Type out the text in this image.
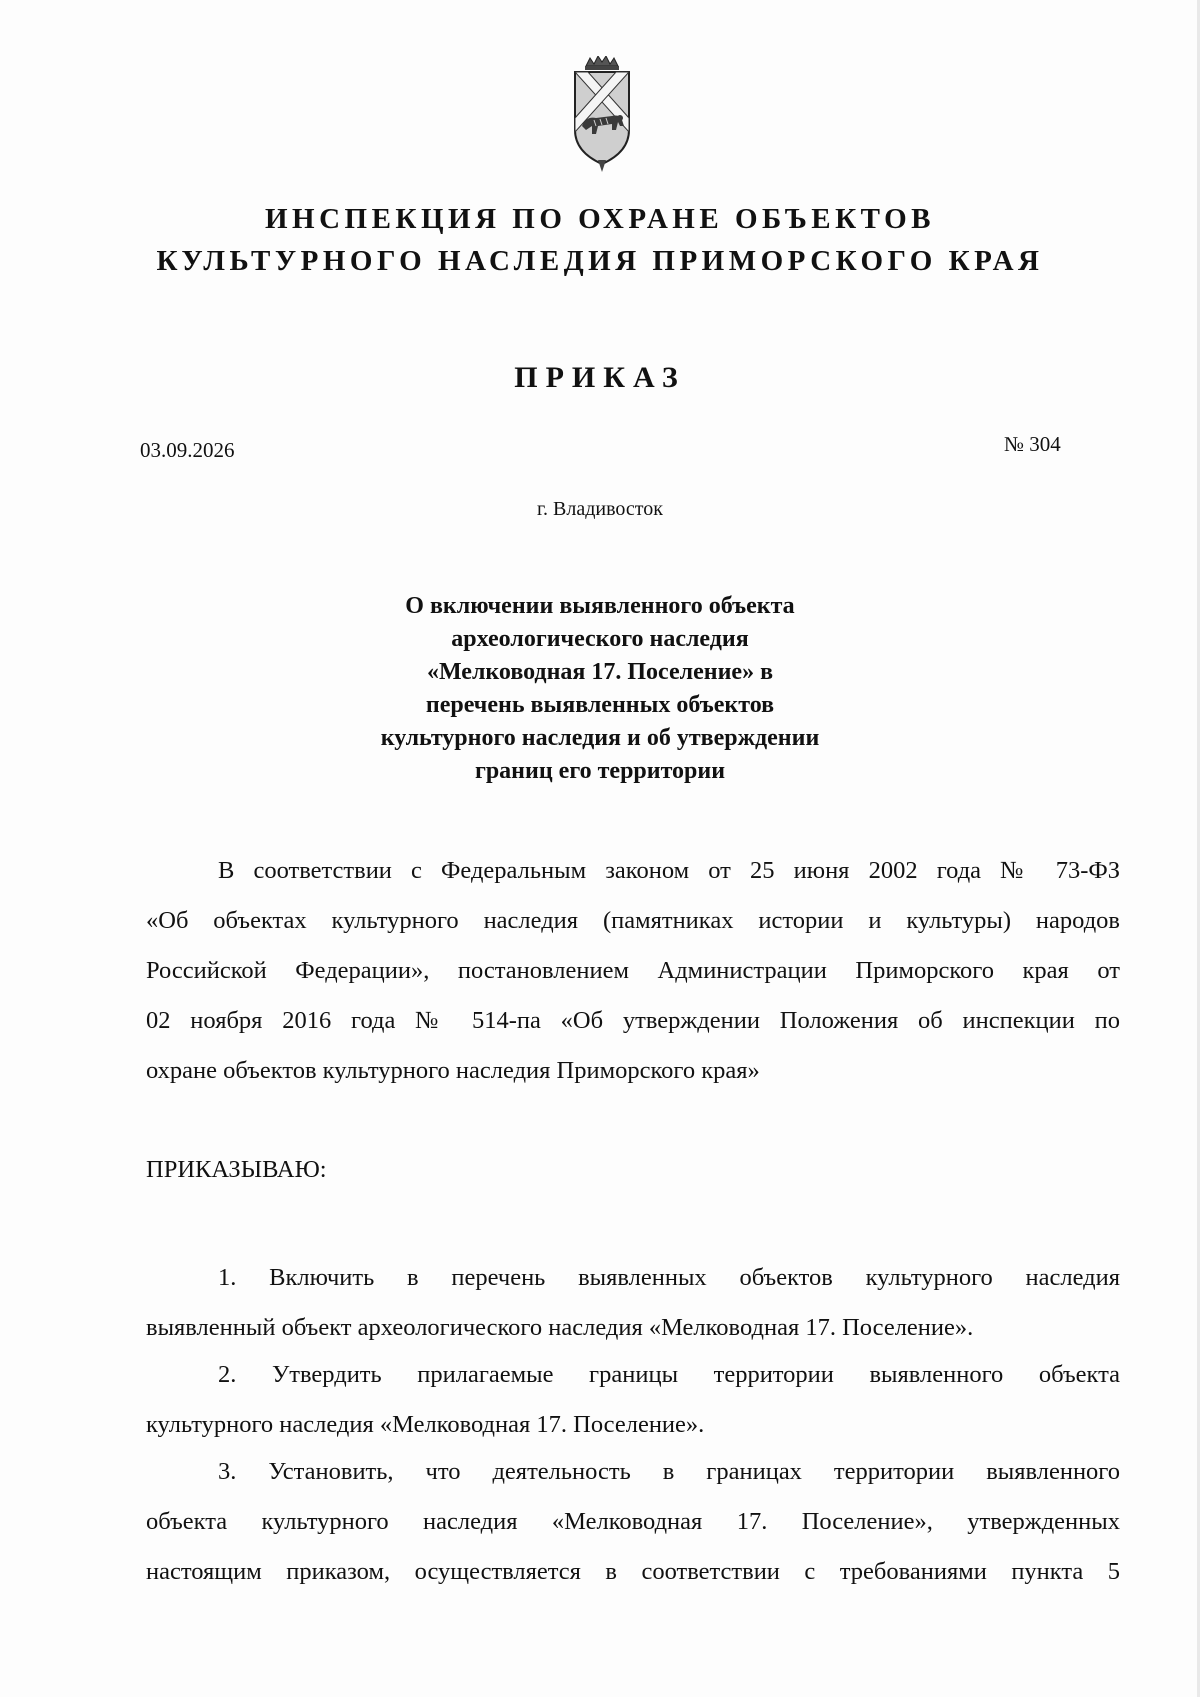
ИНСПЕКЦИЯ ПО ОХРАНЕ ОБЪЕКТОВ
КУЛЬТУРНОГО НАСЛЕДИЯ ПРИМОРСКОГО КРАЯ
ПРИКАЗ
03.09.2026	№ 304
г. Владивосток
О включении выявленного объекта
археологического наследия
«Мелководная 17. Поселение» в
перечень выявленных объектов
культурного наследия и об утверждении
границ его территории
В соответствии с Федеральным законом от 25 июня 2002 года № 73-ФЗ
«Об объектах культурного наследия (памятниках истории и культуры) народов
Российской Федерации», постановлением Администрации Приморского края от
02 ноября 2016 года № 514-па «Об утверждении Положения об инспекции по
охране объектов культурного наследия Приморского края»
ПРИКАЗЫВАЮ:
1. Включить в перечень выявленных объектов культурного наследия
выявленный объект археологического наследия «Мелководная 17. Поселение».
2. Утвердить прилагаемые границы территории выявленного объекта
культурного наследия «Мелководная 17. Поселение».
3. Установить, что деятельность в границах территории выявленного
объекта культурного наследия «Мелководная 17. Поселение», утвержденных
настоящим приказом, осуществляется в соответствии с требованиями пункта 5
